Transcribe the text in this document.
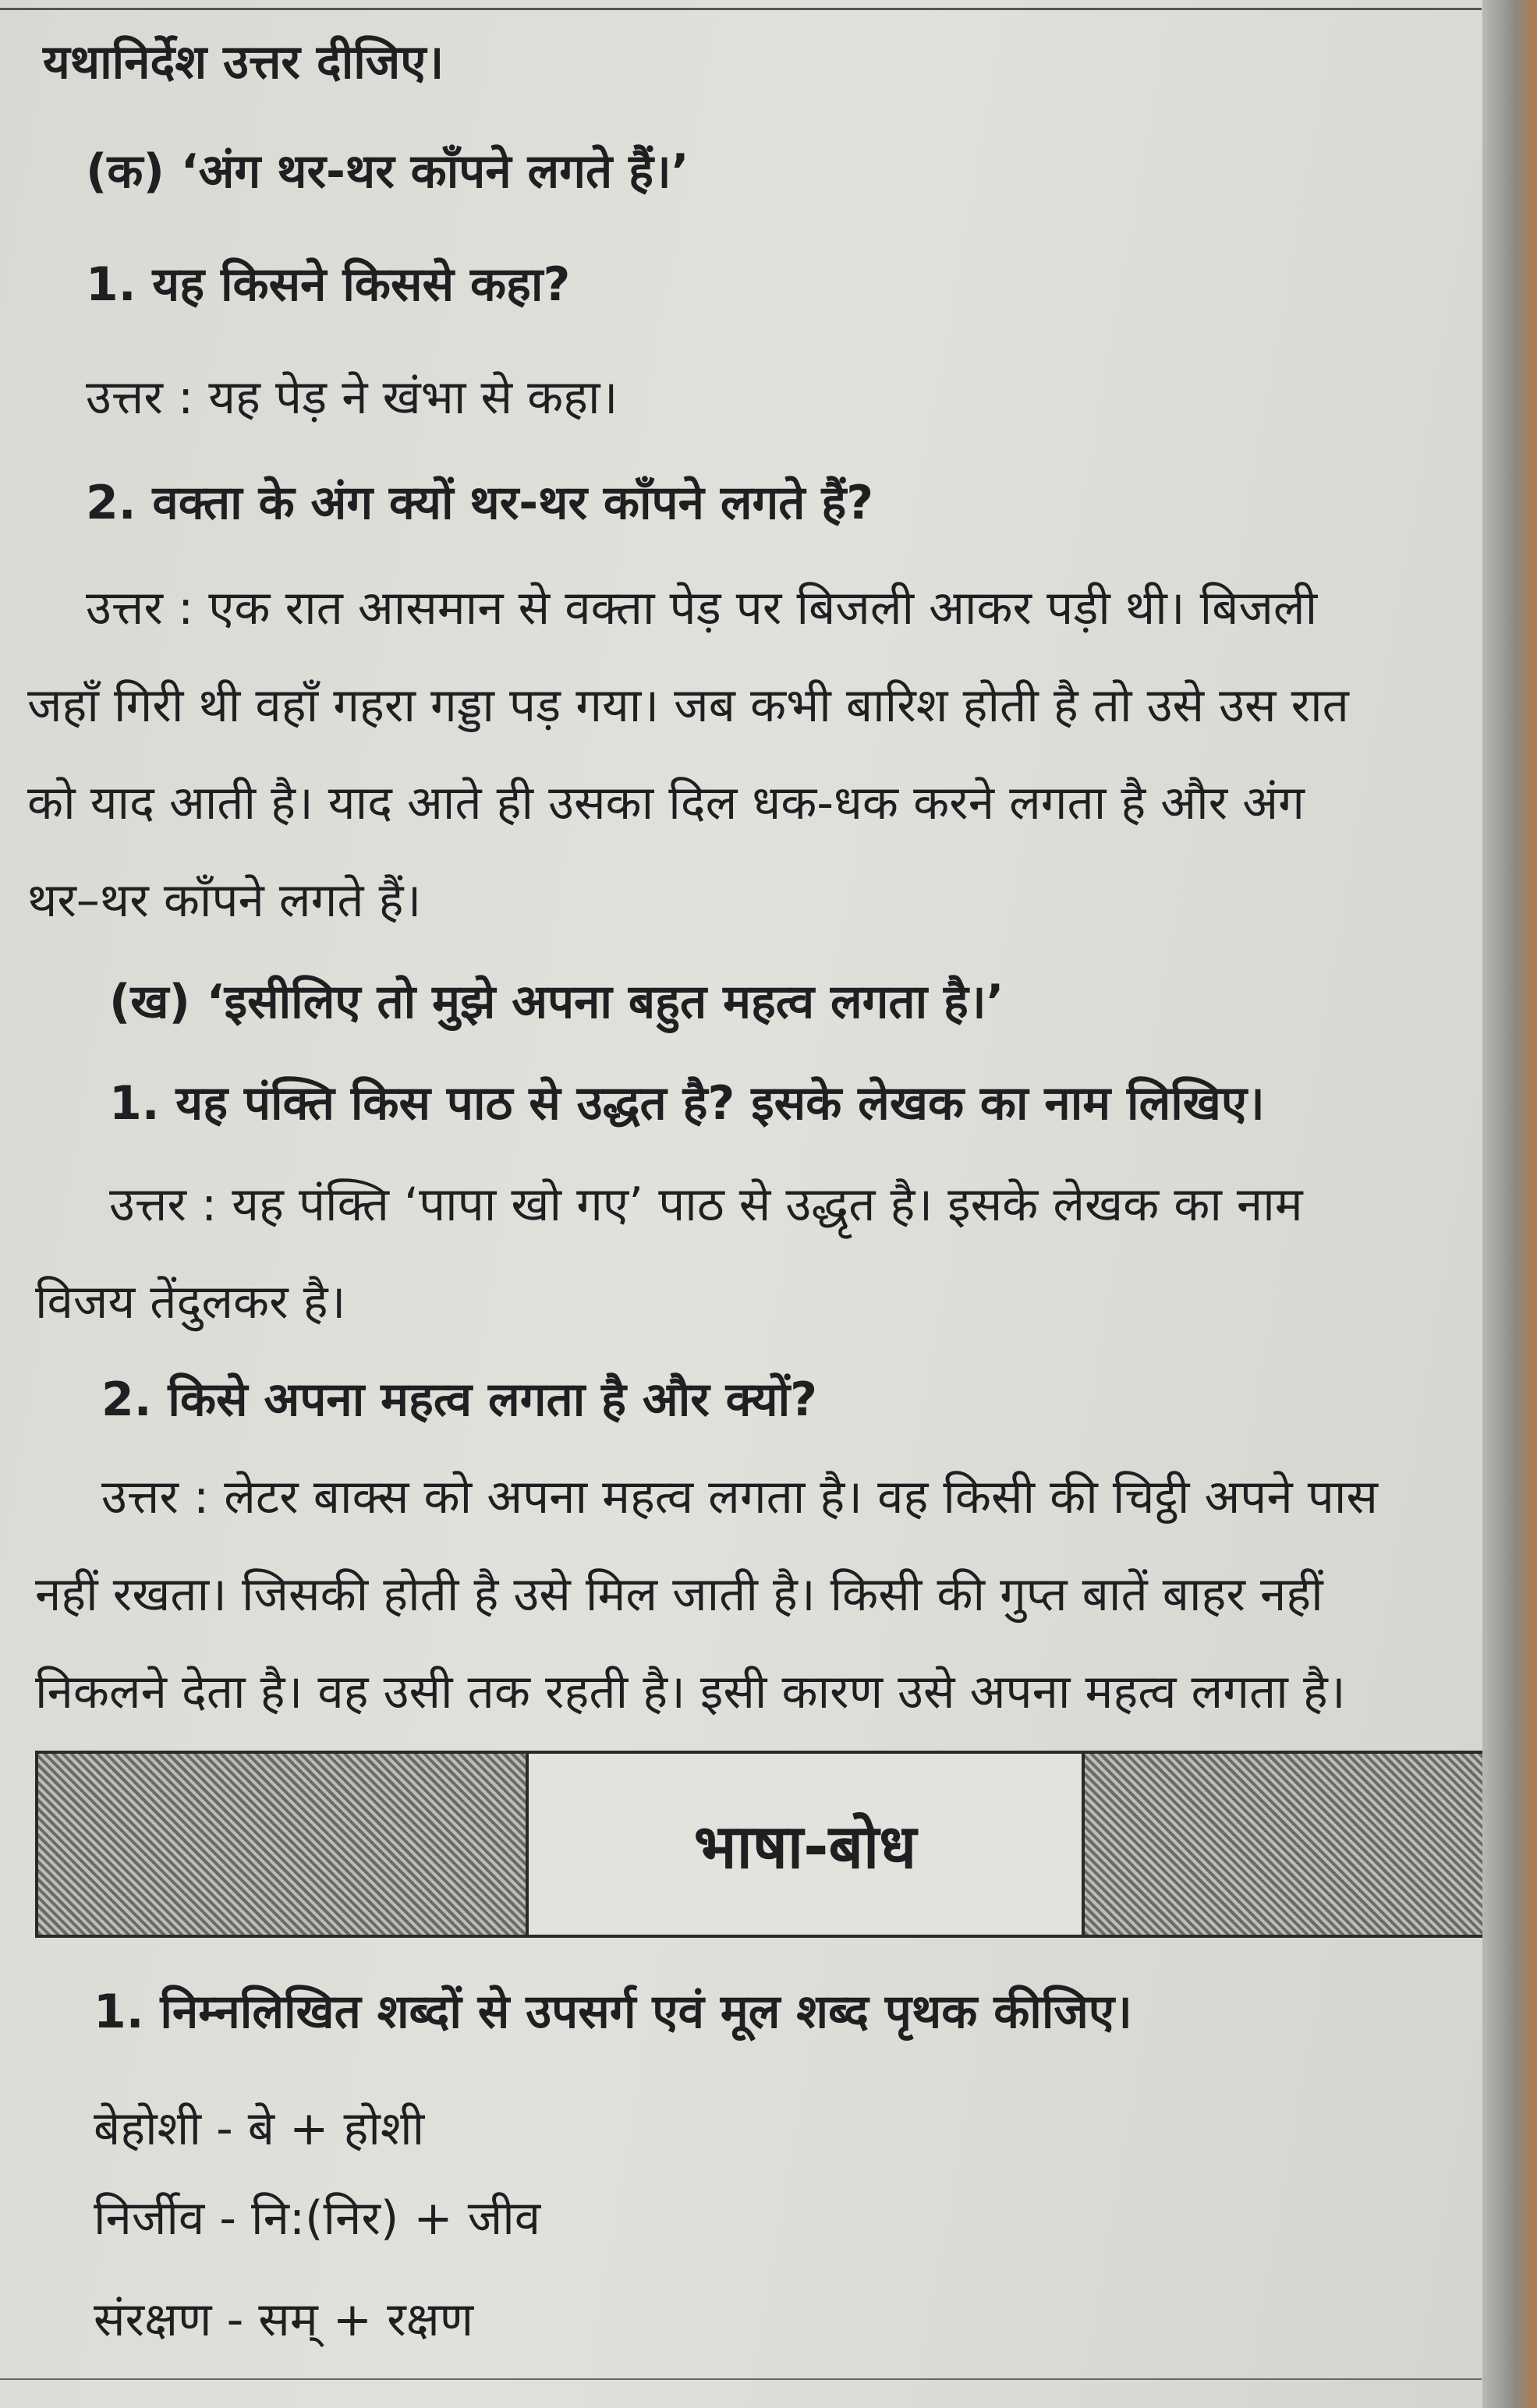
यथानिर्देश उत्तर दीजिए।
(क) ‘अंग थर-थर काँपने लगते हैं।’
1. यह किसने किससे कहा?
उत्तर : यह पेड़ ने खंभा से कहा।
2. वक्ता के अंग क्यों थर-थर काँपने लगते हैं?
उत्तर : एक रात आसमान से वक्ता पेड़ पर बिजली आकर पड़ी थी। बिजली
जहाँ गिरी थी वहाँ गहरा गड्डा पड़ गया। जब कभी बारिश होती है तो उसे उस रात
को याद आती है। याद आते ही उसका दिल धक-धक करने लगता है और अंग
थर–थर काँपने लगते हैं।
(ख) ‘इसीलिए तो मुझे अपना बहुत महत्व लगता है।’
1. यह पंक्ति किस पाठ से उद्धत है? इसके लेखक का नाम लिखिए।
उत्तर : यह पंक्ति ‘पापा खो गए’ पाठ से उद्धृत है। इसके लेखक का नाम
विजय तेंदुलकर है।
2. किसे अपना महत्व लगता है और क्यों?
उत्तर : लेटर बाक्स को अपना महत्व लगता है। वह किसी की चिट्ठी अपने पास
नहीं रखता। जिसकी होती है उसे मिल जाती है। किसी की गुप्त बातें बाहर नहीं
निकलने देता है। वह उसी तक रहती है। इसी कारण उसे अपना महत्व लगता है।
भाषा-बोध
1. निम्नलिखित शब्दों से उपसर्ग एवं मूल शब्द पृथक कीजिए।
बेहोशी - बे + होशी
निर्जीव - नि:(निर) + जीव
संरक्षण - सम् + रक्षण
